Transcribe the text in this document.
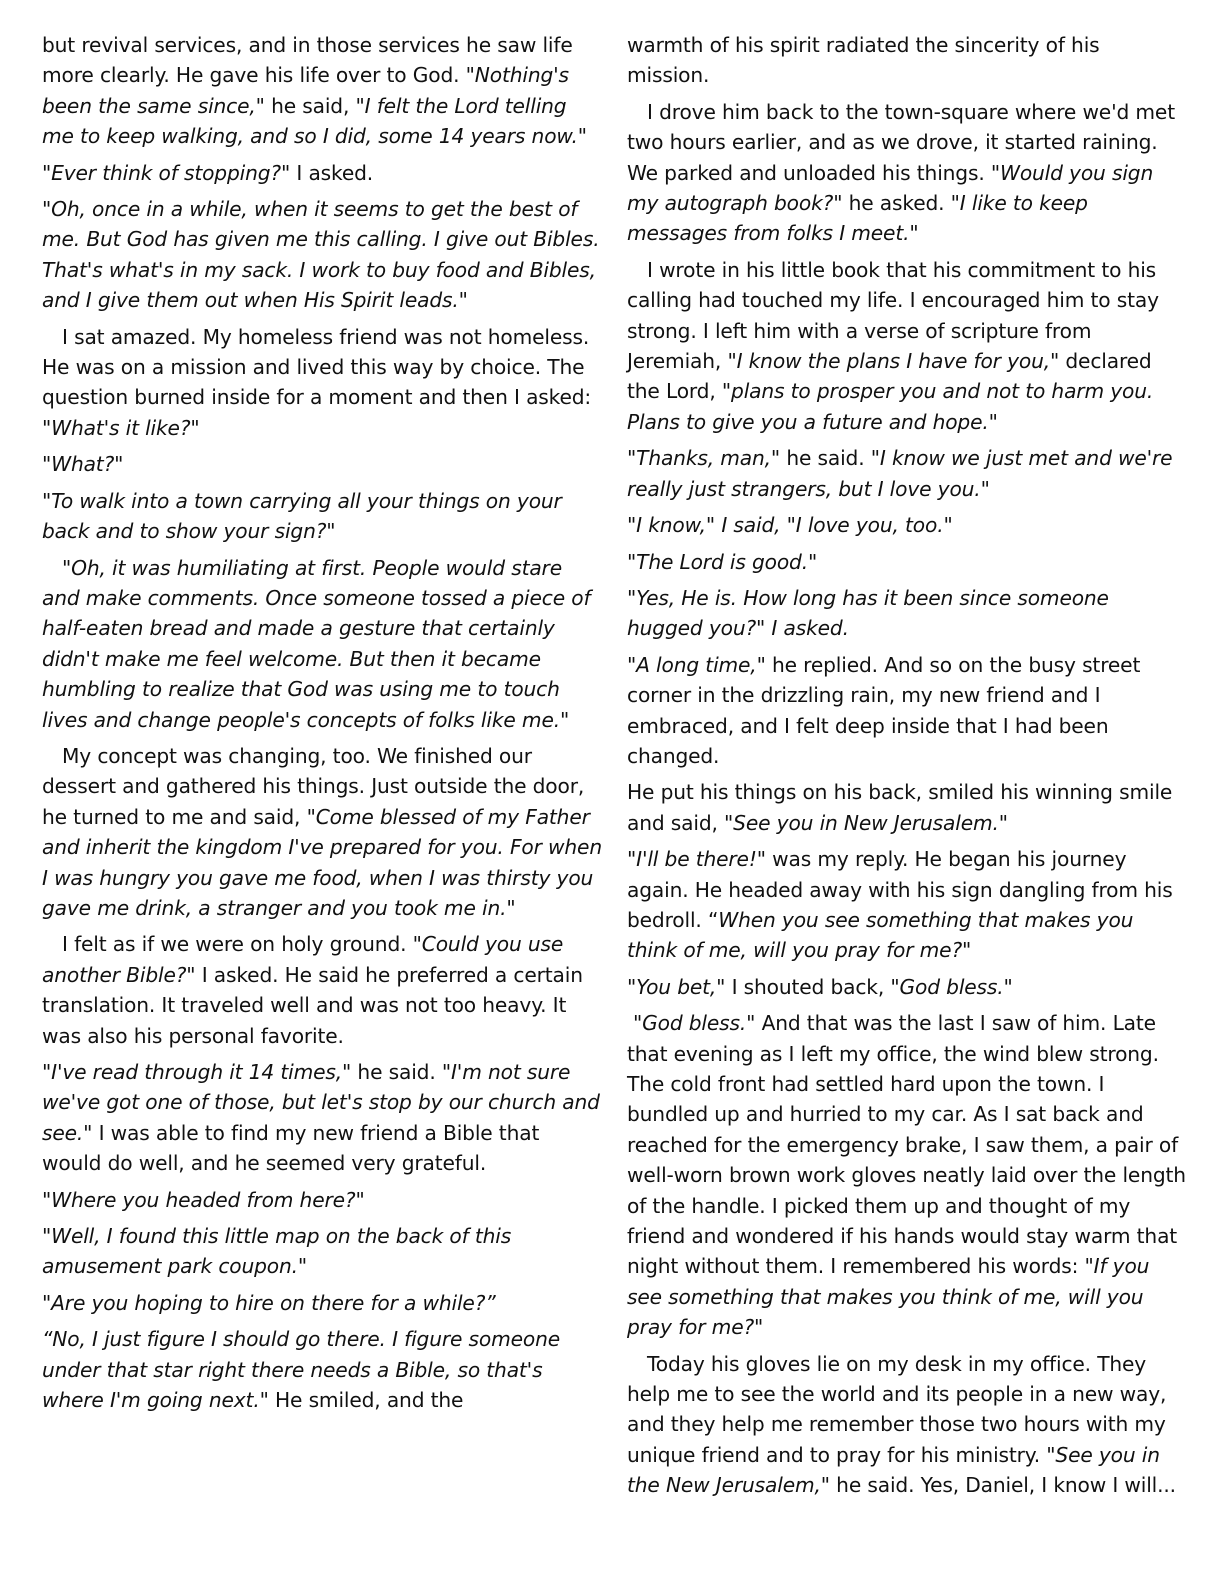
but revival services, and in those services he saw life more clearly. He gave his life over to God. "Nothing's been the same since," he said, "I felt the Lord telling me to keep walking, and so I did, some 14 years now."

"Ever think of stopping?" I asked.

"Oh, once in a while, when it seems to get the best of me. But God has given me this calling. I give out Bibles. That's what's in my sack. I work to buy food and Bibles, and I give them out when His Spirit leads."

I sat amazed. My homeless friend was not homeless. He was on a mission and lived this way by choice. The question burned inside for a moment and then I asked: "What's it like?"

"What?"

"To walk into a town carrying all your things on your back and to show your sign?"

"Oh, it was humiliating at first. People would stare and make comments. Once someone tossed a piece of half-eaten bread and made a gesture that certainly didn't make me feel welcome. But then it became humbling to realize that God was using me to touch lives and change people's concepts of folks like me."

My concept was changing, too. We finished our dessert and gathered his things. Just outside the door, he turned to me and said, "Come blessed of my Father and inherit the kingdom I've prepared for you. For when I was hungry you gave me food, when I was thirsty you gave me drink, a stranger and you took me in."

I felt as if we were on holy ground. "Could you use another Bible?" I asked. He said he preferred a certain translation. It traveled well and was not too heavy. It was also his personal favorite.

"I've read through it 14 times," he said. "I'm not sure we've got one of those, but let's stop by our church and see." I was able to find my new friend a Bible that would do well, and he seemed very grateful.

"Where you headed from here?"

"Well, I found this little map on the back of this amusement park coupon."

"Are you hoping to hire on there for a while?”

“No, I just figure I should go there. I figure someone under that star right there needs a Bible, so that's where I'm going next." He smiled, and the

warmth of his spirit radiated the sincerity of his mission.

I drove him back to the town-square where we'd met two hours earlier, and as we drove, it started raining. We parked and unloaded his things. "Would you sign my autograph book?" he asked. "I like to keep messages from folks I meet."

I wrote in his little book that his commitment to his calling had touched my life. I encouraged him to stay strong. I left him with a verse of scripture from Jeremiah, "I know the plans I have for you," declared the Lord, "plans to prosper you and not to harm you. Plans to give you a future and hope."

"Thanks, man," he said. "I know we just met and we're really just strangers, but I love you."

"I know," I said, "I love you, too."

"The Lord is good."

"Yes, He is. How long has it been since someone hugged you?" I asked.

"A long time," he replied. And so on the busy street corner in the drizzling rain, my new friend and I embraced, and I felt deep inside that I had been changed.

He put his things on his back, smiled his winning smile and said, "See you in New Jerusalem."

"I'll be there!" was my reply. He began his journey again. He headed away with his sign dangling from his bedroll. “When you see something that makes you think of me, will you pray for me?"

"You bet," I shouted back, "God bless."

"God bless." And that was the last I saw of him. Late that evening as I left my office, the wind blew strong. The cold front had settled hard upon the town. I bundled up and hurried to my car. As I sat back and reached for the emergency brake, I saw them, a pair of well-worn brown work gloves neatly laid over the length of the handle. I picked them up and thought of my friend and wondered if his hands would stay warm that night without them. I remembered his words: "If you see something that makes you think of me, will you pray for me?"

Today his gloves lie on my desk in my office. They help me to see the world and its people in a new way, and they help me remember those two hours with my unique friend and to pray for his ministry. "See you in the New Jerusalem," he said. Yes, Daniel, I know I will...
